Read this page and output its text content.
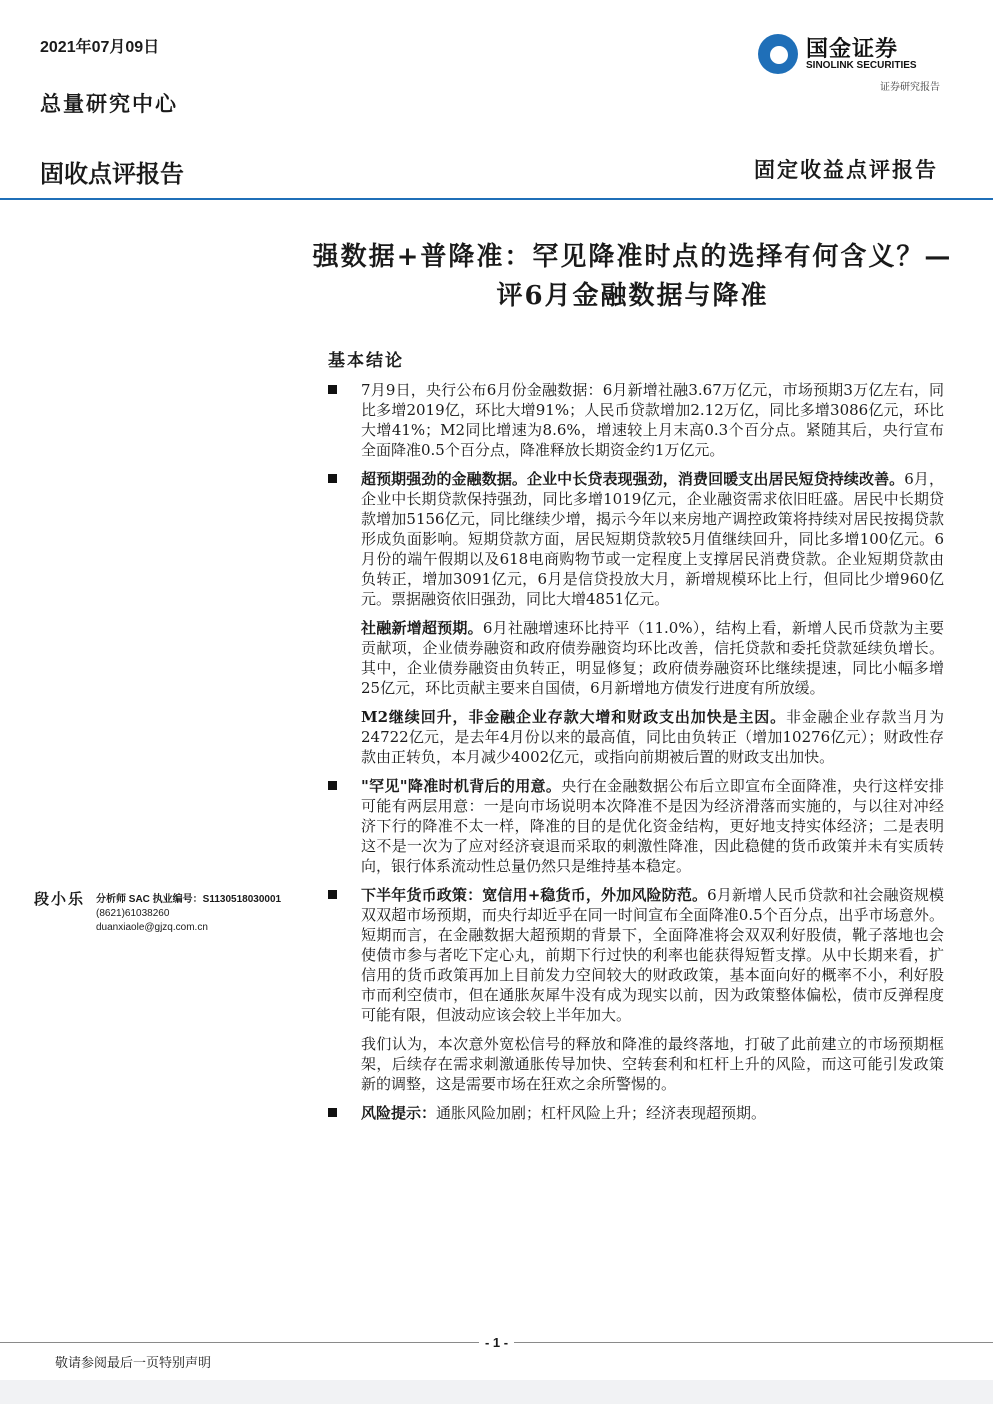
2021年07月09日
总量研究中心
国金证券
SINOLINK SECURITIES
证券研究报告
固收点评报告	固定收益点评报告
强数据+普降准：罕见降准时点的选择有何含义？—评6月金融数据与降准
基本结论
7月9日，央行公布6月份金融数据：6月新增社融3.67万亿元，市场预期3万亿左右，同比多增2019亿，环比大增91%；人民币贷款增加2.12万亿，同比多增3086亿元，环比大增41%；M2同比增速为8.6%，增速较上月末高0.3个百分点。紧随其后，央行宣布全面降准0.5个百分点，降准释放长期资金约1万亿元。
超预期强劲的金融数据。企业中长贷表现强劲，消费回暖支出居民短贷持续改善。6月，企业中长期贷款保持强劲，同比多增1019亿元，企业融资需求依旧旺盛。居民中长期贷款增加5156亿元，同比继续少增，揭示今年以来房地产调控政策将持续对居民按揭贷款形成负面影响。短期贷款方面，居民短期贷款较5月值继续回升，同比多增100亿元。6月份的端午假期以及618电商购物节或一定程度上支撑居民消费贷款。企业短期贷款由负转正，增加3091亿元，6月是信贷投放大月，新增规模环比上行，但同比少增960亿元。票据融资依旧强劲，同比大增4851亿元。
社融新增超预期。6月社融增速环比持平（11.0%），结构上看，新增人民币贷款为主要贡献项，企业债券融资和政府债券融资均环比改善，信托贷款和委托贷款延续负增长。其中，企业债券融资由负转正，明显修复；政府债券融资环比继续提速，同比小幅多增25亿元，环比贡献主要来自国债，6月新增地方债发行进度有所放缓。
M2继续回升，非金融企业存款大增和财政支出加快是主因。非金融企业存款当月为24722亿元，是去年4月份以来的最高值，同比由负转正（增加10276亿元）；财政性存款由正转负，本月减少4002亿元，或指向前期被后置的财政支出加快。
"罕见"降准时机背后的用意。央行在金融数据公布后立即宣布全面降准，央行这样安排可能有两层用意：一是向市场说明本次降准不是因为经济滑落而实施的，与以往对冲经济下行的降准不太一样，降准的目的是优化资金结构，更好地支持实体经济；二是表明这不是一次为了应对经济衰退而采取的刺激性降准，因此稳健的货币政策并未有实质转向，银行体系流动性总量仍然只是维持基本稳定。
下半年货币政策：宽信用+稳货币，外加风险防范。6月新增人民币贷款和社会融资规模双双超市场预期，而央行却近乎在同一时间宣布全面降准0.5个百分点，出乎市场意外。短期而言，在金融数据大超预期的背景下，全面降准将会双双利好股债，靴子落地也会使债市参与者吃下定心丸，前期下行过快的利率也能获得短暂支撑。从中长期来看，扩信用的货币政策再加上目前发力空间较大的财政政策，基本面向好的概率不小，利好股市而利空债市，但在通胀灰犀牛没有成为现实以前，因为政策整体偏松，债市反弹程度可能有限，但波动应该会较上半年加大。
我们认为，本次意外宽松信号的释放和降准的最终落地，打破了此前建立的市场预期框架，后续存在需求刺激通胀传导加快、空转套利和杠杆上升的风险，而这可能引发政策新的调整，这是需要市场在狂欢之余所警惕的。
风险提示：通胀风险加剧；杠杆风险上升；经济表现超预期。
段小乐 分析师 SAC 执业编号：S1130518030001
(8621)61038260
duanxiaole@gjzq.com.cn
- 1 -
敬请参阅最后一页特别声明
